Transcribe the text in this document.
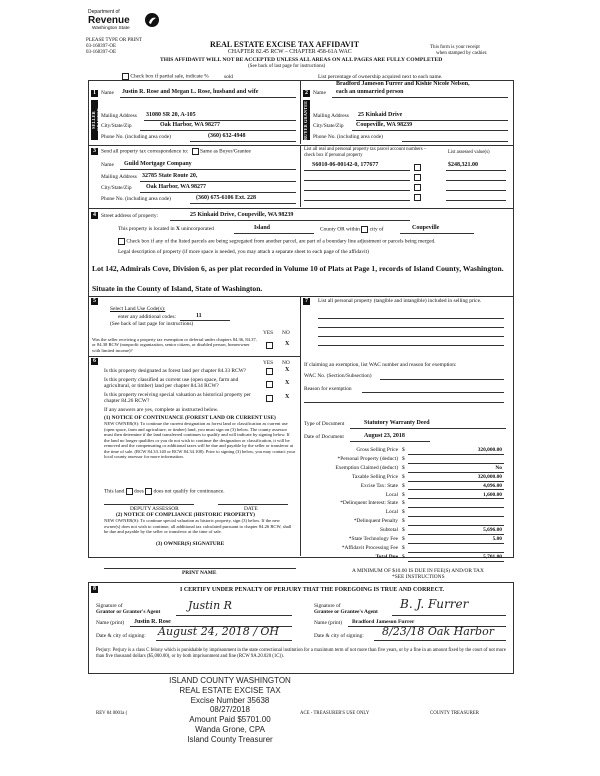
Department of
Revenue
Washington State
PLEASE TYPE OR PRINT
03-168397-OE
03-168397-OE
REAL ESTATE EXCISE TAX AFFIDAVIT
CHAPTER 82.45 RCW – CHAPTER 458-61A WAC
THIS AFFIDAVIT WILL NOT BE ACCEPTED UNLESS ALL AREAS ON ALL PAGES ARE FULLY COMPLETED
(See back of last page for instructions)
This form is your receipt
when stamped by cashier.
Check box if partial sale, indicate %	sold	List percentage of ownership acquired next to each name.
1
SELLER GRANTOR
Name Justin R. Rose and Megan L. Rose, husband and wife
Mailing Address 31080 SR 20, A-105
City/State/Zip	Oak Harbor, WA 98277
Phone No. (including area code)	(360) 632-4948
2
BUYER GRANTEE
Bradford Jameson Furrer and Kishie Nicole Nelson,
Name each an unmarried person
Mailing Address 25 Kinkaid Drive
City/State/Zip Coupeville, WA 98239
Phone No. (including area code)
3 Send all property tax correspondence to: Same as Buyer/Grantee
Name Guild Mortgage Company
Mailing Address 32785 State Route 20,
City/State/Zip Oak Harbor, WA 98277
Phone No. (including area code)	(360) 675-6106 Ext. 228
List all real and personal property tax parcel account numbers – check box if personal property
List assessed value(s)
S6010-06-00142-0, 177677	$248,321.00
4 Street address of property:	25 Kinkaid Drive, Coupeville, WA 98239
This property is located in X unincorporated	Island	County OR within city of	Coupeville
Check box if any of the listed parcels are being segregated from another parcel, are part of a boundary line adjustment or parcels being merged.
Legal description of property (if more space is needed, you may attach a separate sheet to each page of the affidavit)
Lot 142, Admirals Cove, Division 6, as per plat recorded in Volume 10 of Plats at Page 1, records of Island County, Washington.
Situate in the County of Island, State of Washington.
5
Select Land Use Code(s):
enter any additional codes:	11
(See back of last page for instructions)
YES NO
Was the seller receiving a property tax exemption or deferral under chapters 84.36, 84.37, or 84.38 RCW (nonprofit organization, senior citizen, or disabled person, homeowner with limited income)?
X
6	YES NO
Is this property designated as forest land per chapter 84.33 RCW?	X
Is this property classified as current use (open space, farm and agricultural, or timber) land per chapter 84.34 RCW?
X
Is this property receiving special valuation as historical property per chapter 84.26 RCW?
X
If any answers are yes, complete as instructed below.
(1) NOTICE OF CONTINUANCE (FOREST LAND OR CURRENT USE)
NEW OWNER(S): To continue the current designation as forest land or classification as current use (open space, farm and agriculture, or timber) land, you must sign on (3) below. The county assessor must then determine if the land transferred continues to qualify and will indicate by signing below. If the land no longer qualifies or you do not wish to continue the designation or classification, it will be removed and the compensating or additional taxes will be due and payable by the seller or transferor at the time of sale. (RCW 84.33.140 or RCW 84.34.108). Prior to signing (3) below, you may contact your local county assessor for more information.
This land does does not qualify for continuance.
DEPUTY ASSESSOR	DATE
(2) NOTICE OF COMPLIANCE (HISTORIC PROPERTY)
NEW OWNER(S): To continue special valuation as historic property, sign (3) below. If the new owner(s) does not wish to continue, all additional tax calculated pursuant to chapter 84.26 RCW, shall be due and payable by the seller or transferor at the time of sale.
(3) OWNER(S) SIGNATURE
PRINT NAME
7	List all personal property (tangible and intangible) included in selling price.
If claiming an exemption, list WAC number and reason for exemption:
WAC No. (Section/Subsection)
Reason for exemption
Type of Document	Statutory Warranty Deed
Date of Document	August 23, 2018
Gross Selling Price $	320,000.00
*Personal Property (deduct) $
Exemption Claimed (deduct) $	No
Taxable Selling Price $	320,000.00
Excise Tax: State $	4,096.00
Local $	1,600.00
*Delinquent Interest: State $
Local $
*Delinquent Penalty $
Subtotal $	5,696.00
*State Technology Fee $	5.00
*Affidavit Processing Fee $
Total Due $	5,701.00
A MINIMUM OF $10.00 IS DUE IN FEE(S) AND/OR TAX
*SEE INSTRUCTIONS
8	I CERTIFY UNDER PENALTY OF PERJURY THAT THE FOREGOING IS TRUE AND CORRECT.
Signature of
Grantor or Grantor's Agent	Justin R
Name (print) Justin R. Rose
Date & city of signing: August 24, 2018 / OH
Signature of
Grantee or Grantee's Agent
B. J. Furrer
Name (print) Bradford Jameson Furrer
Date & city of signing: 8/23/18 Oak Harbor
Perjury: Perjury is a class C felony which is punishable by imprisonment in the state correctional institution for a maximum term of not more than five years, or by a fine in an amount fixed by the court of not more than five thousand dollars ($5,000.00), or by both imprisonment and fine (RCW 9A.20.020 (1C)).
ISLAND COUNTY WASHINGTON
REAL ESTATE EXCISE TAX
Excise Number 35638
08/27/2018
Amount Paid $5701.00
Wanda Grone, CPA
Island County Treasurer
REV 84 0001a (	ACE - TREASURER'S USE ONLY	COUNTY TREASURER
